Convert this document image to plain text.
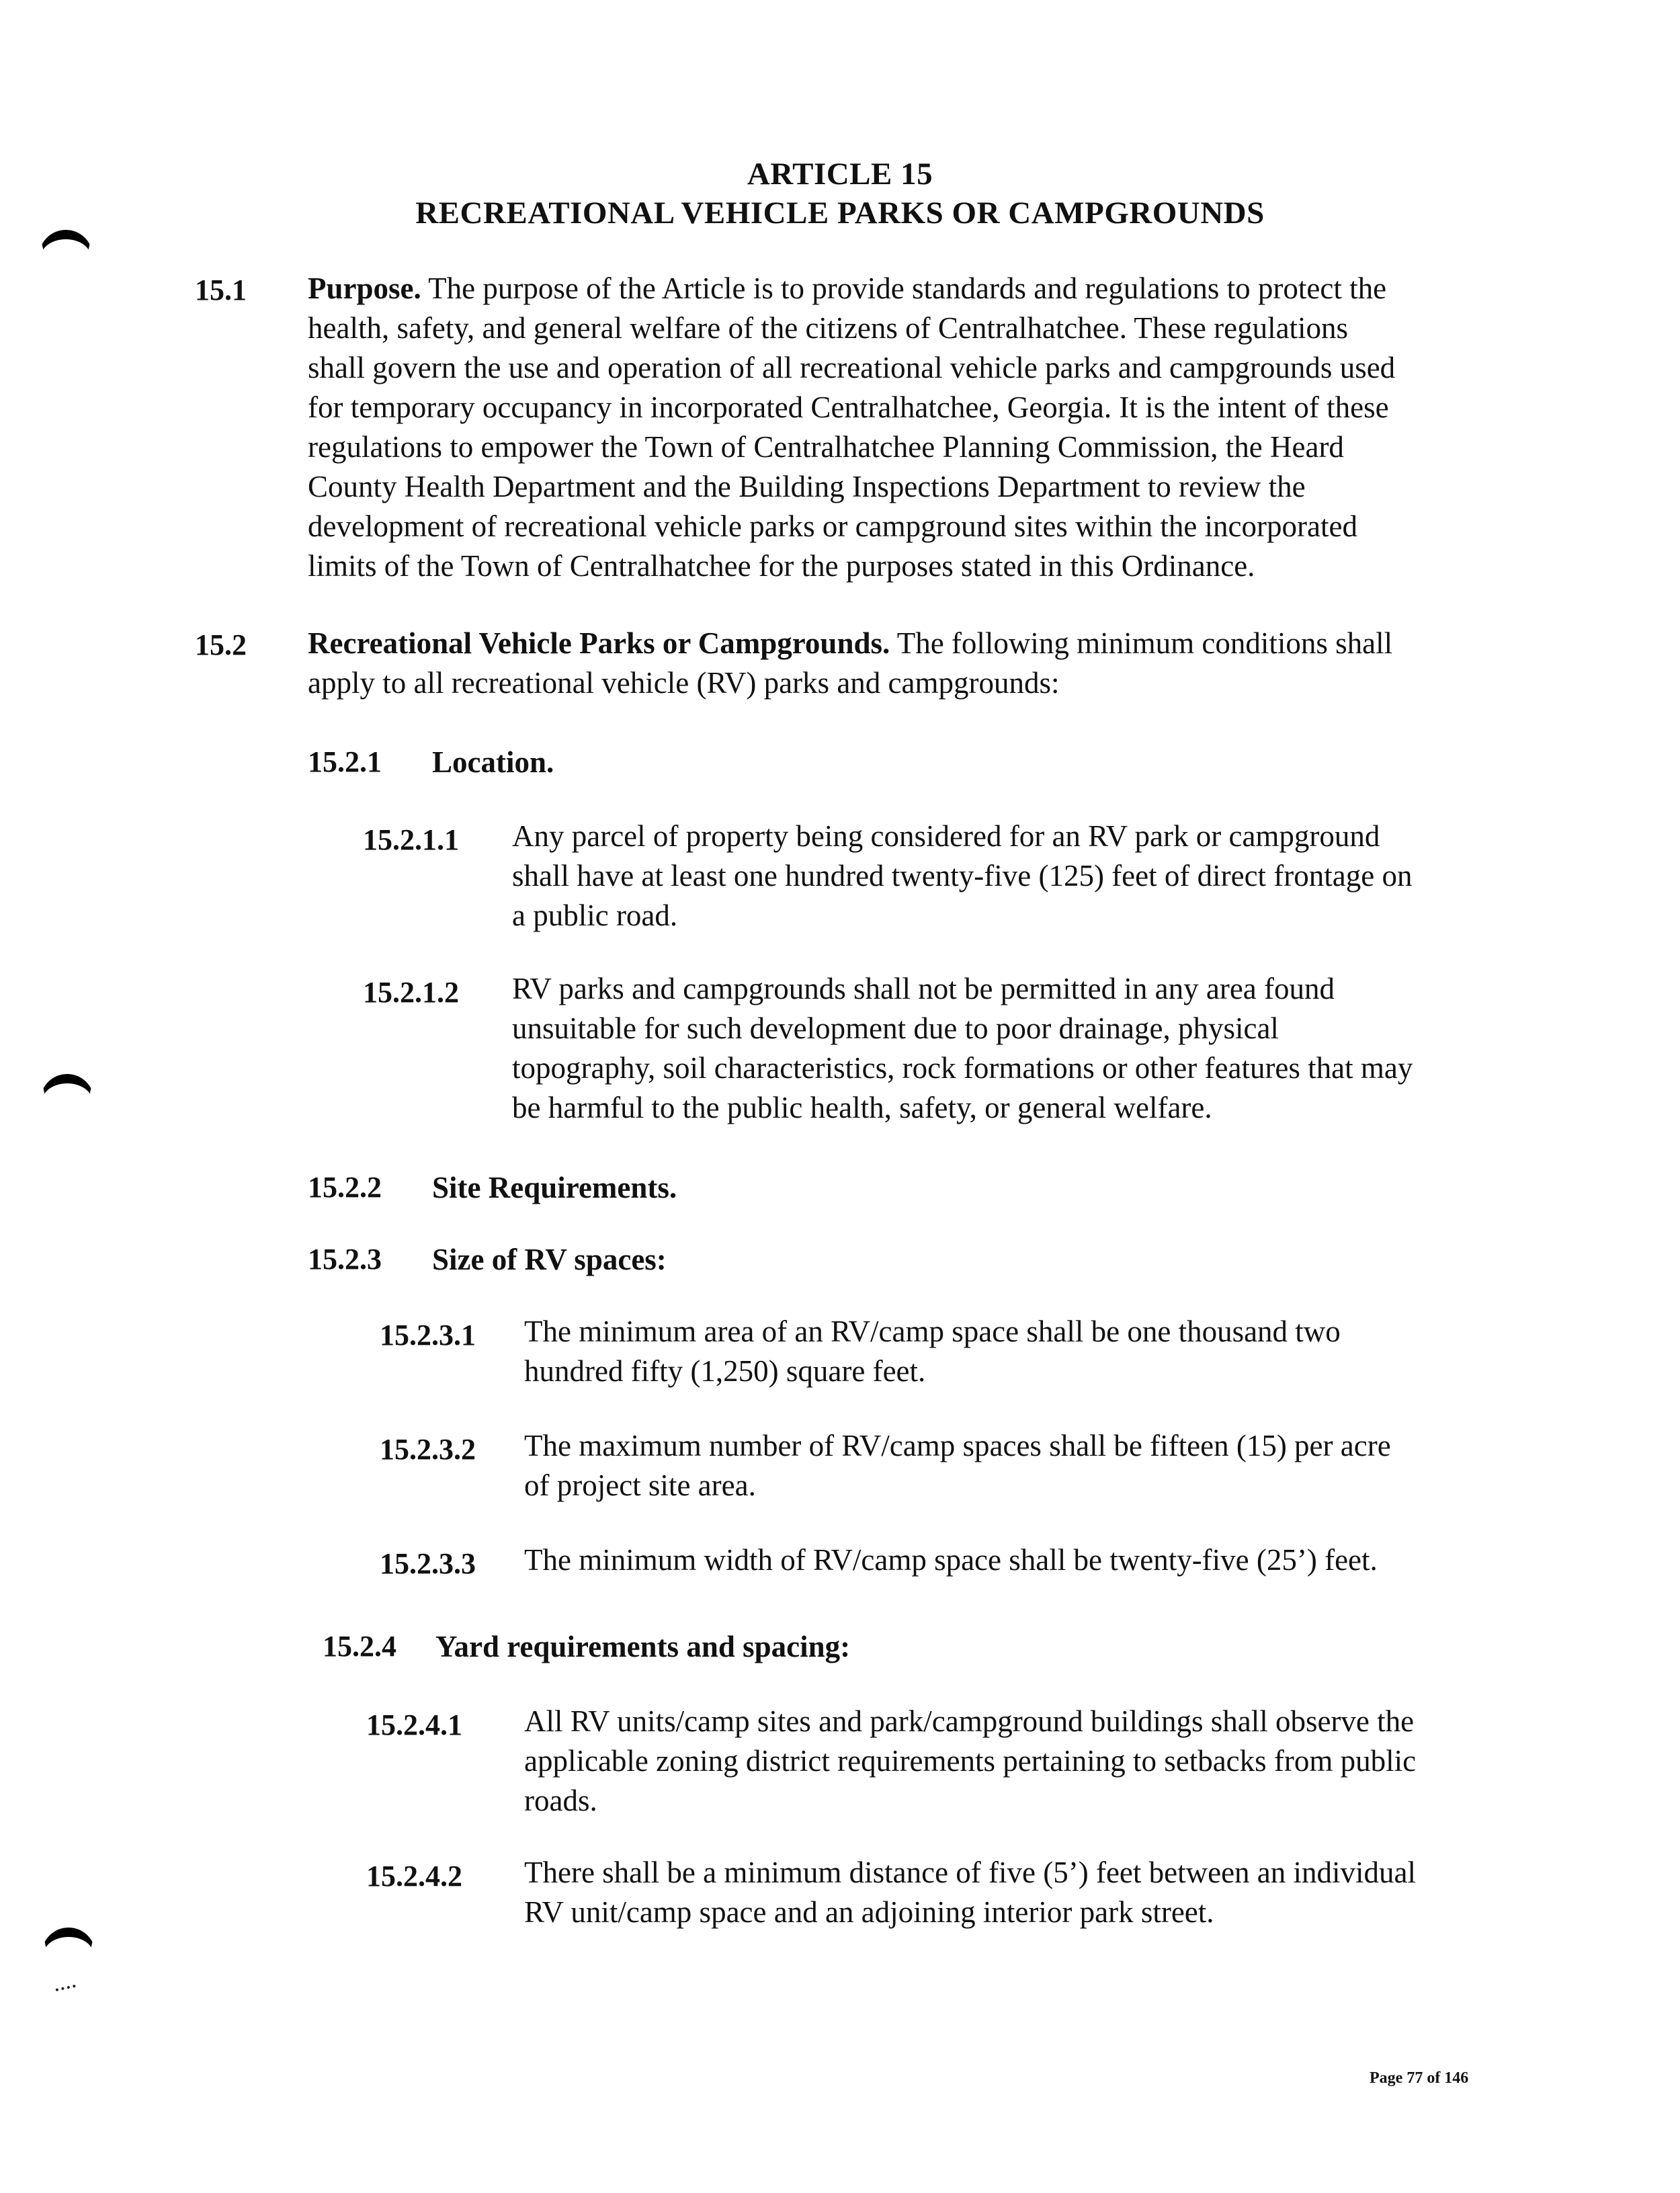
ARTICLE 15
RECREATIONAL VEHICLE PARKS OR CAMPGROUNDS
15.1 Purpose. The purpose of the Article is to provide standards and regulations to protect the
health, safety, and general welfare of the citizens of Centralhatchee. These regulations
shall govern the use and operation of all recreational vehicle parks and campgrounds used
for temporary occupancy in incorporated Centralhatchee, Georgia. It is the intent of these
regulations to empower the Town of Centralhatchee Planning Commission, the Heard
County Health Department and the Building Inspections Department to review the
development of recreational vehicle parks or campground sites within the incorporated
limits of the Town of Centralhatchee for the purposes stated in this Ordinance.
15.2 Recreational Vehicle Parks or Campgrounds. The following minimum conditions shall
apply to all recreational vehicle (RV) parks and campgrounds:
15.2.1 Location.
15.2.1.1 Any parcel of property being considered for an RV park or campground
shall have at least one hundred twenty-five (125) feet of direct frontage on
a public road.
15.2.1.2 RV parks and campgrounds shall not be permitted in any area found
unsuitable for such development due to poor drainage, physical
topography, soil characteristics, rock formations or other features that may
be harmful to the public health, safety, or general welfare.
15.2.2 Site Requirements.
15.2.3 Size of RV spaces:
15.2.3.1 The minimum area of an RV/camp space shall be one thousand two
hundred fifty (1,250) square feet.
15.2.3.2 The maximum number of RV/camp spaces shall be fifteen (15) per acre
of project site area.
15.2.3.3 The minimum width of RV/camp space shall be twenty-five (25’) feet.
15.2.4 Yard requirements and spacing:
15.2.4.1 All RV units/camp sites and park/campground buildings shall observe the
applicable zoning district requirements pertaining to setbacks from public
roads.
15.2.4.2 There shall be a minimum distance of five (5’) feet between an individual
RV unit/camp space and an adjoining interior park street.
Page 77 of 146
